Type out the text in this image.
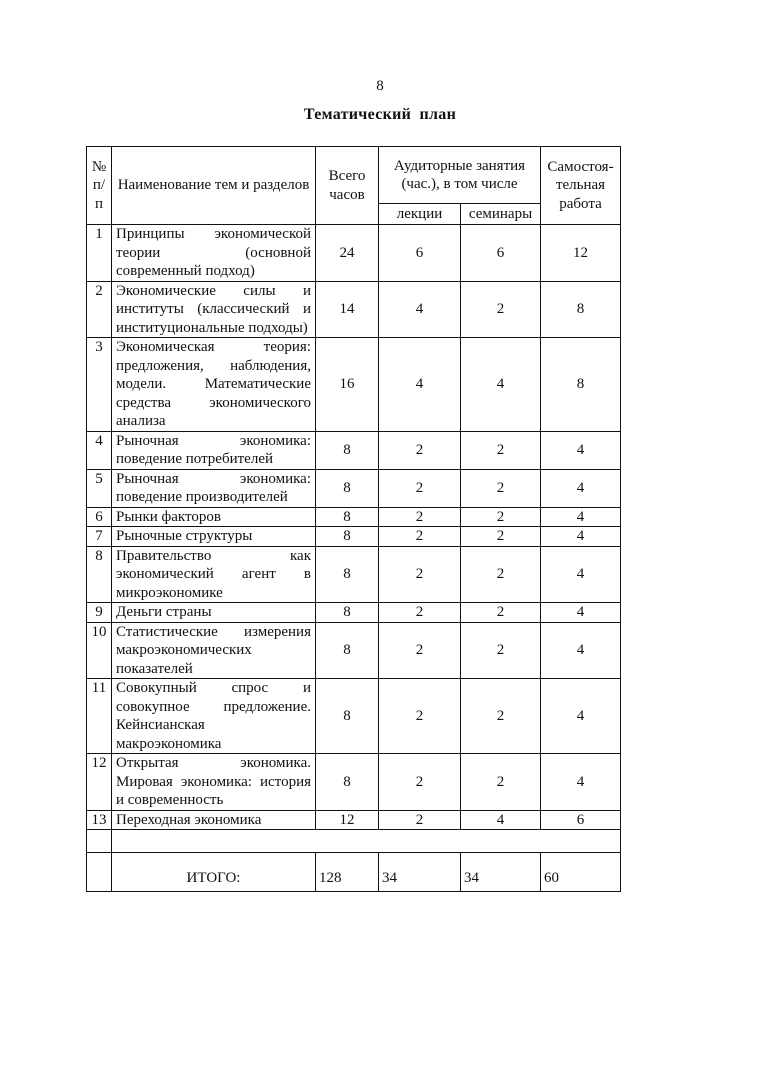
8
Тематический план
№ п/п	Наименование тем и разделов	Всего часов	Аудиторные занятия (час.), в том числе		Самостоя-тельная работа
			лекции	семинары	
1	Принципы экономической теории (основной современный подход)	24	6	6	12
2	Экономические силы и институты (классический и институциональные подходы)	14	4	2	8
3	Экономическая теория: предложения, наблюдения, модели. Математические средства экономического анализа	16	4	4	8
4	Рыночная экономика: поведение потребителей	8	2	2	4
5	Рыночная экономика: поведение производителей	8	2	2	4
6	Рынки факторов	8	2	2	4
7	Рыночные структуры	8	2	2	4
8	Правительство как экономический агент в микроэкономике	8	2	2	4
9	Деньги страны	8	2	2	4
10	Статистические измерения макроэкономических показателей	8	2	2	4
11	Совокупный спрос и совокупное предложение. Кейнсианская макроэкономика	8	2	2	4
12	Открытая экономика. Мировая экономика: история и современность	8	2	2	4
13	Переходная экономика	12	2	4	6

	ИТОГО:	128	34	34	60
